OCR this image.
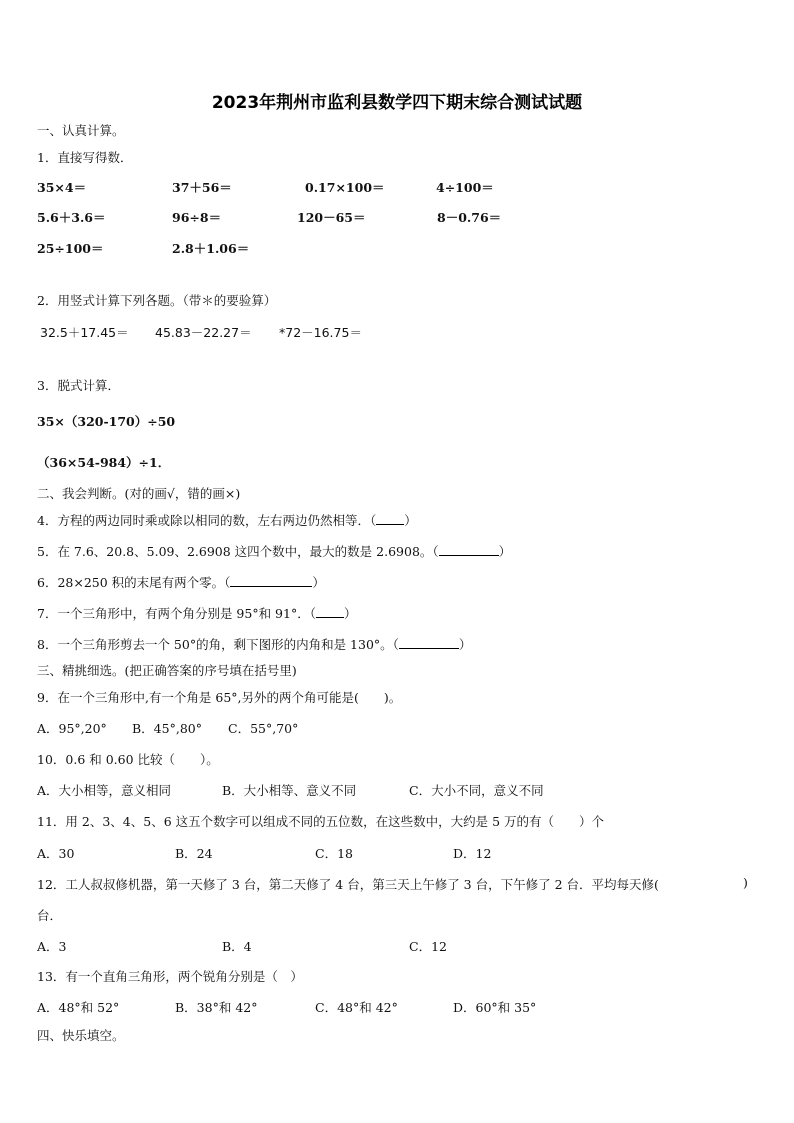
2023年荆州市监利县数学四下期末综合测试试题
一、认真计算。
1．直接写得数．
35×4＝	37＋56＝	0.17×100＝	4÷100＝
5.6＋3.6＝	96÷8＝	120－65＝	8－0.76＝
25÷100＝	2.8＋1.06＝
2．用竖式计算下列各题。（带＊的要验算）
32.5＋17.45＝ 45.83－22.27＝ *72－16.75＝
3．脱式计算．
35×（320-170）÷50
（36×54-984）÷1．
二、我会判断。(对的画√，错的画×)
4．方程的两边同时乘或除以相同的数，左右两边仍然相等．（ ）
5．在 7.6、20.8、5.09、2.6908 这四个数中，最大的数是 2.6908。（	）
6．28×250 积的末尾有两个零。（	）
7．一个三角形中，有两个角分别是 95°和 91°．（ ）
8．一个三角形剪去一个 50°的角，剩下图形的内角和是 130°。（	）
三、精挑细选。(把正确答案的序号填在括号里)
9．在一个三角形中,有一个角是 65°,另外的两个角可能是(　　)。
A．95°,20° B．45°,80° C．55°,70°
10．0.6 和 0.60 比较（　　）。
A．大小相等，意义相同	B．大小相等、意义不同	C．大小不同，意义不同
11．用 2、3、4、5、6 这五个数字可以组成不同的五位数，在这些数中，大约是 5 万的有（　　）个
A．30	B．24	C．18	D．12
12．工人叔叔修机器，第一天修了 3 台，第二天修了 4 台，第三天上午修了 3 台，下午修了 2 台．平均每天修(	)
台．
A．3	B．4	C．12
13．有一个直角三角形，两个锐角分别是（　）
A．48°和 52°	B．38°和 42°	C．48°和 42°	D．60°和 35°
四、快乐填空。
